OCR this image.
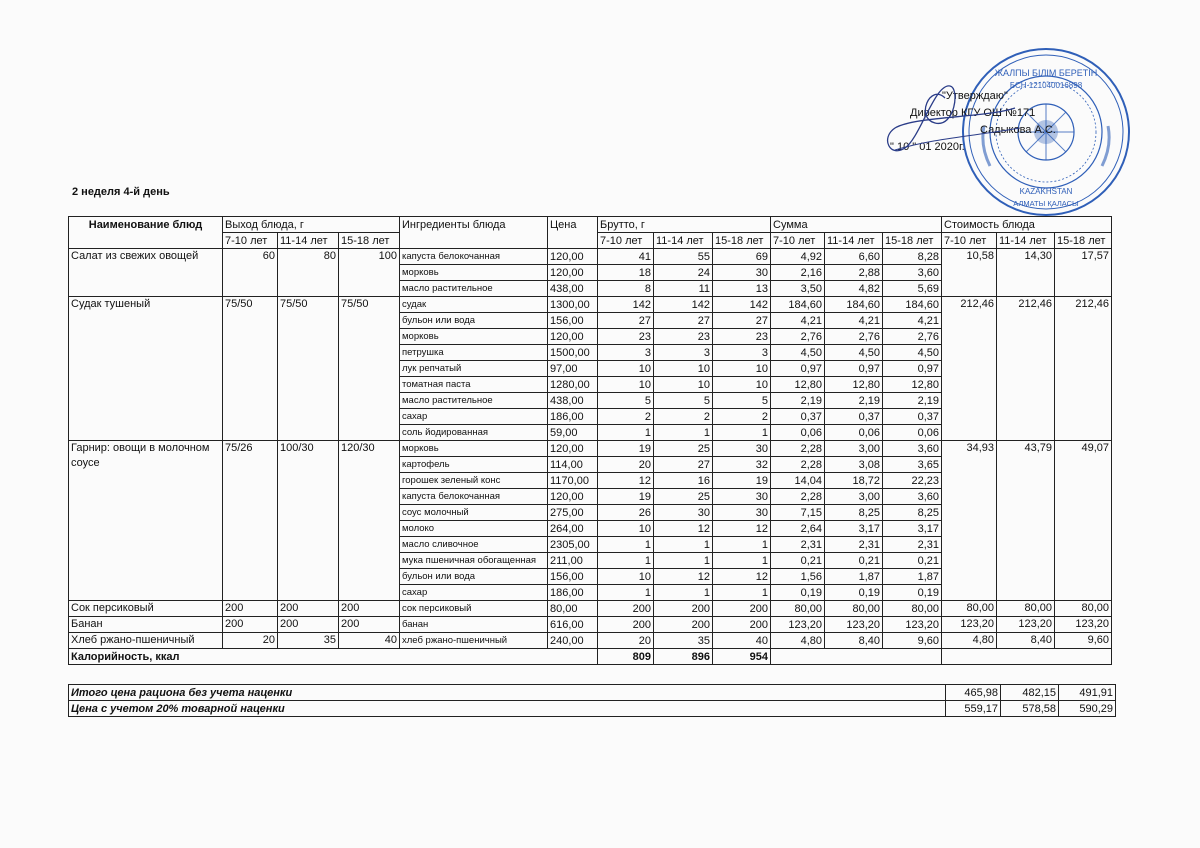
ЖАЛПЫ БІЛІМ БЕРЕТІН
БСН 121040016898
KAZAKHSTAN
АЛМАТЫ ҚАЛАСЫ
"Утверждаю"
Директор КГУ ОШ №171
Садыкова А.С.
" 10 " 01 2020г.
2 неделя 4-й день
Наименование блюд	Выход блюда, г			Ингредиенты блюда	Цена	Брутто, г			Сумма			Стоимость блюда		
	7-10 лет	11-14 лет	15-18 лет			7-10 лет	11-14 лет	15-18 лет	7-10 лет	11-14 лет	15-18 лет	7-10 лет	11-14 лет	15-18 лет
Салат из свежих овощей	60	80	100	капуста белокочанная	120,00	41	55	69	4,92	6,60	8,28	10,58	14,30	17,57
				морковь	120,00	18	24	30	2,16	2,88	3,60			
				масло растительное	438,00	8	11	13	3,50	4,82	5,69			
Судак тушеный	75/50	75/50	75/50	судак	1300,00	142	142	142	184,60	184,60	184,60	212,46	212,46	212,46
				бульон или вода	156,00	27	27	27	4,21	4,21	4,21			
				морковь	120,00	23	23	23	2,76	2,76	2,76			
				петрушка	1500,00	3	3	3	4,50	4,50	4,50			
				лук репчатый	97,00	10	10	10	0,97	0,97	0,97			
				томатная паста	1280,00	10	10	10	12,80	12,80	12,80			
				масло растительное	438,00	5	5	5	2,19	2,19	2,19			
				сахар	186,00	2	2	2	0,37	0,37	0,37			
				соль йодированная	59,00	1	1	1	0,06	0,06	0,06			
Гарнир: овощи в молочном соусе	75/26	100/30	120/30	морковь	120,00	19	25	30	2,28	3,00	3,60	34,93	43,79	49,07
				картофель	114,00	20	27	32	2,28	3,08	3,65			
				горошек зеленый конс	1170,00	12	16	19	14,04	18,72	22,23			
				капуста белокочанная	120,00	19	25	30	2,28	3,00	3,60			
				соус молочный	275,00	26	30	30	7,15	8,25	8,25			
				молоко	264,00	10	12	12	2,64	3,17	3,17			
				масло сливочное	2305,00	1	1	1	2,31	2,31	2,31			
				мука пшеничная обогащенная	211,00	1	1	1	0,21	0,21	0,21			
				бульон или вода	156,00	10	12	12	1,56	1,87	1,87			
				сахар	186,00	1	1	1	0,19	0,19	0,19			
Сок персиковый	200	200	200	сок персиковый	80,00	200	200	200	80,00	80,00	80,00	80,00	80,00	80,00
Банан	200	200	200	банан	616,00	200	200	200	123,20	123,20	123,20	123,20	123,20	123,20
Хлеб ржано-пшеничный	20	35	40	хлеб ржано-пшеничный	240,00	20	35	40	4,80	8,40	9,60	4,80	8,40	9,60
Калорийность, ккал						809	896	954						
Итого цена рациона без учета наценки	465,98	482,15	491,91
Цена с учетом 20% товарной наценки	559,17	578,58	590,29
